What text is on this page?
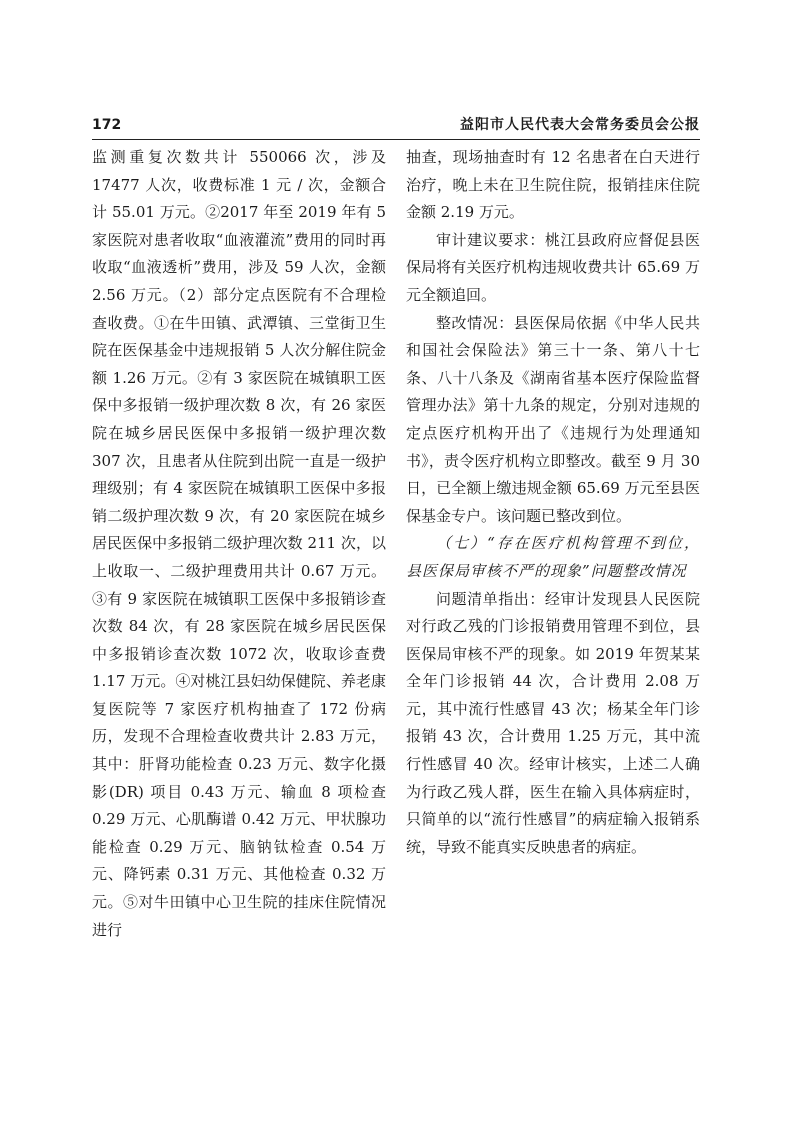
172	益阳市人民代表大会常务委员会公报

监测重复次数共计 550066 次，涉及 17477 人次，收费标准 1 元 / 次，金额合计 55.01 万元。②2017 年至 2019 年有 5 家医院对患者收取“血液灌流”费用的同时再收取“血液透析”费用，涉及 59 人次，金额 2.56 万元。（2）部分定点医院有不合理检查收费。①在牛田镇、武潭镇、三堂街卫生院在医保基金中违规报销 5 人次分解住院金额 1.26 万元。②有 3 家医院在城镇职工医保中多报销一级护理次数 8 次，有 26 家医院在城乡居民医保中多报销一级护理次数 307 次，且患者从住院到出院一直是一级护理级别；有 4 家医院在城镇职工医保中多报销二级护理次数 9 次，有 20 家医院在城乡居民医保中多报销二级护理次数 211 次，以上收取一、二级护理费用共计 0.67 万元。③有 9 家医院在城镇职工医保中多报销诊查次数 84 次，有 28 家医院在城乡居民医保中多报销诊查次数 1072 次，收取诊查费 1.17 万元。④对桃江县妇幼保健院、养老康复医院等 7 家医疗机构抽查了 172 份病历，发现不合理检查收费共计 2.83 万元，其中：肝肾功能检查 0.23 万元、数字化摄影(DR) 项目 0.43 万元、输血 8 项检查 0.29 万元、心肌酶谱 0.42 万元、甲状腺功能检查 0.29 万元、脑钠钛检查 0.54 万元、降钙素 0.31 万元、其他检查 0.32 万元。⑤对牛田镇中心卫生院的挂床住院情况进行

抽查，现场抽查时有 12 名患者在白天进行治疗，晚上未在卫生院住院，报销挂床住院金额 2.19 万元。

审计建议要求：桃江县政府应督促县医保局将有关医疗机构违规收费共计 65.69 万元全额追回。

整改情况：县医保局依据《中华人民共和国社会保险法》第三十一条、第八十七条、八十八条及《湖南省基本医疗保险监督管理办法》第十九条的规定，分别对违规的定点医疗机构开出了《违规行为处理通知书》，责令医疗机构立即整改。截至 9 月 30 日，已全额上缴违规金额 65.69 万元至县医保基金专户。该问题已整改到位。

（七）“存在医疗机构管理不到位，县医保局审核不严的现象”问题整改情况

问题清单指出：经审计发现县人民医院对行政乙残的门诊报销费用管理不到位，县医保局审核不严的现象。如 2019 年贺某某全年门诊报销 44 次，合计费用 2.08 万元，其中流行性感冒 43 次；杨某全年门诊报销 43 次，合计费用 1.25 万元，其中流行性感冒 40 次。经审计核实，上述二人确为行政乙残人群，医生在输入具体病症时，只简单的以“流行性感冒”的病症输入报销系统，导致不能真实反映患者的病症。
